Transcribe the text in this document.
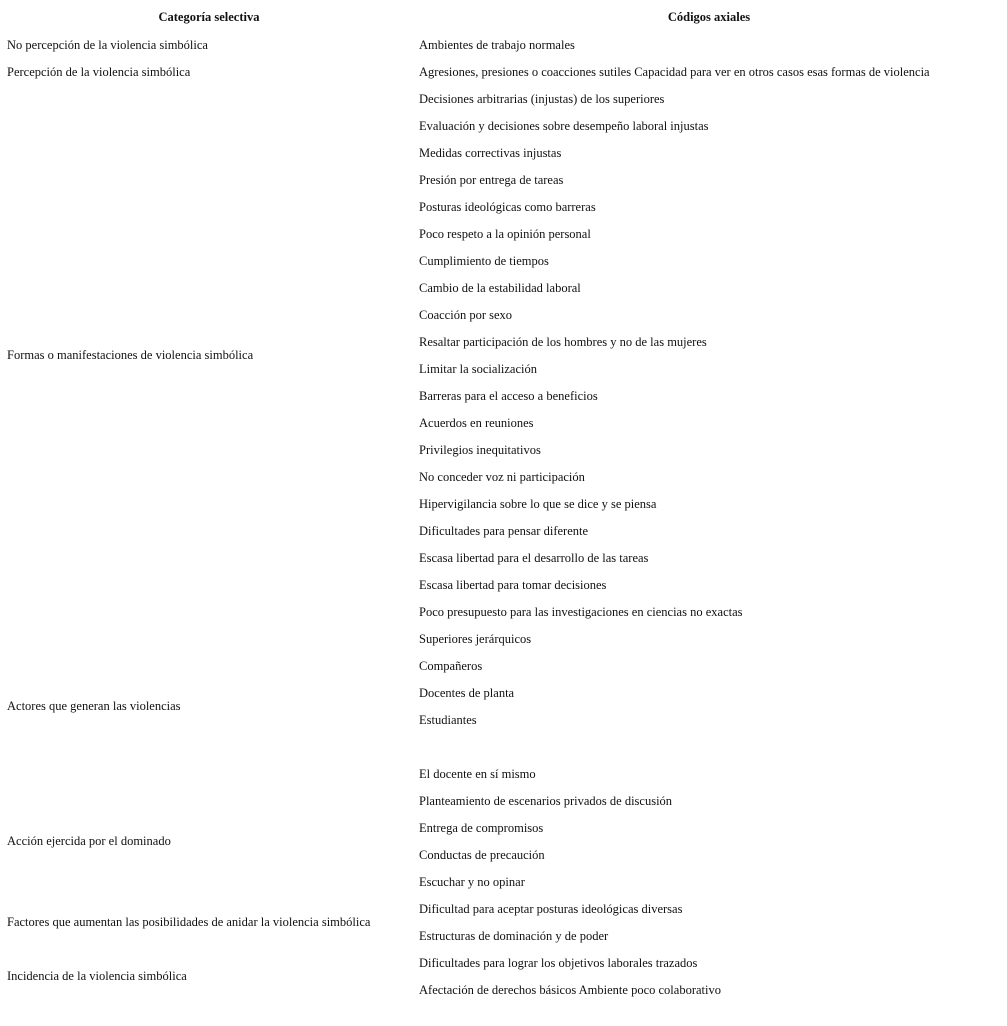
Categoría selectiva	Códigos axiales
No percepción de la violencia simbólica
Percepción de la violencia simbólica
Formas o manifestaciones de violencia simbólica
Actores que generan las violencias
Acción ejercida por el dominado
Factores que aumentan las posibilidades de anidar la violencia simbólica
Incidencia de la violencia simbólica
Ambientes de trabajo normales
Agresiones, presiones o coacciones sutiles Capacidad para ver en otros casos esas formas de violencia
Decisiones arbitrarias (injustas) de los superiores
Evaluación y decisiones sobre desempeño laboral injustas
Medidas correctivas injustas
Presión por entrega de tareas
Posturas ideológicas como barreras
Poco respeto a la opinión personal
Cumplimiento de tiempos
Cambio de la estabilidad laboral
Coacción por sexo
Resaltar participación de los hombres y no de las mujeres
Limitar la socialización
Barreras para el acceso a beneficios
Acuerdos en reuniones
Privilegios inequitativos
No conceder voz ni participación
Hipervigilancia sobre lo que se dice y se piensa
Dificultades para pensar diferente
Escasa libertad para el desarrollo de las tareas
Escasa libertad para tomar decisiones
Poco presupuesto para las investigaciones en ciencias no exactas
Superiores jerárquicos
Compañeros
Docentes de planta
Estudiantes
El docente en sí mismo
Planteamiento de escenarios privados de discusión
Entrega de compromisos
Conductas de precaución
Escuchar y no opinar
Dificultad para aceptar posturas ideológicas diversas
Estructuras de dominación y de poder
Dificultades para lograr los objetivos laborales trazados
Afectación de derechos básicos Ambiente poco colaborativo
